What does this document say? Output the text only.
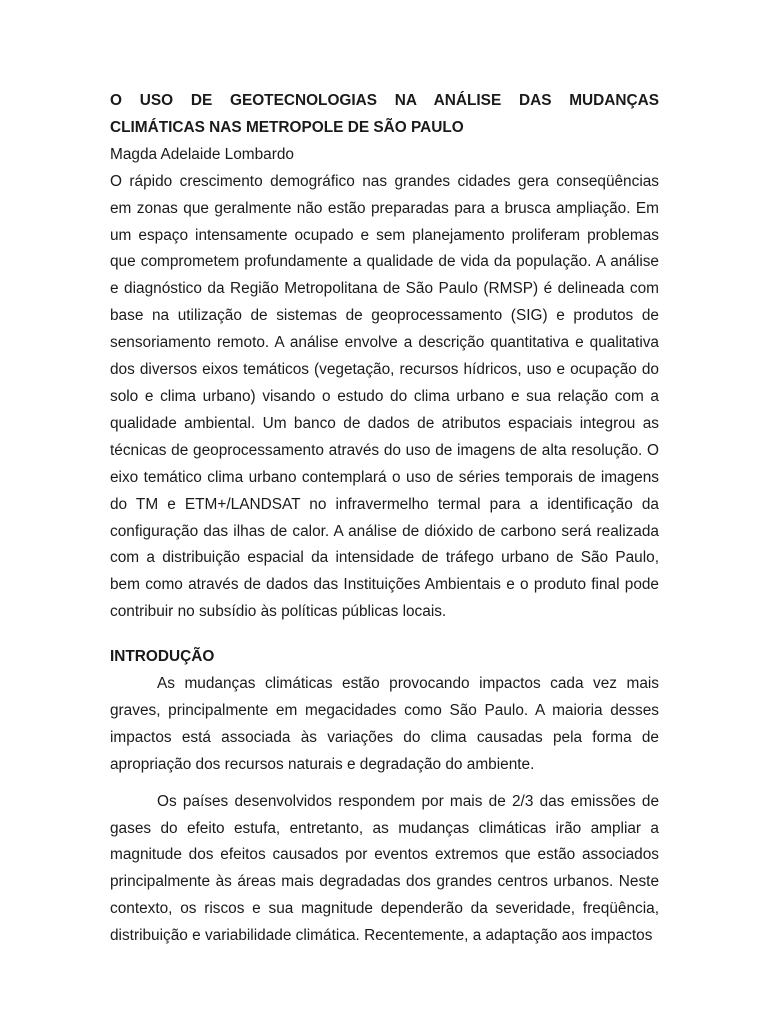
O USO DE GEOTECNOLOGIAS NA ANÁLISE DAS MUDANÇAS
CLIMÁTICAS NAS METROPOLE DE SÃO PAULO

Magda Adelaide Lombardo

O rápido crescimento demográfico nas grandes cidades gera conseqüências em zonas que geralmente não estão preparadas para a brusca ampliação. Em um espaço intensamente ocupado e sem planejamento proliferam problemas que comprometem profundamente a qualidade de vida da população. A análise e diagnóstico da Região Metropolitana de São Paulo (RMSP) é delineada com base na utilização de sistemas de geoprocessamento (SIG) e produtos de sensoriamento remoto. A análise envolve a descrição quantitativa e qualitativa dos diversos eixos temáticos (vegetação, recursos hídricos, uso e ocupação do solo e clima urbano) visando o estudo do clima urbano e sua relação com a qualidade ambiental. Um banco de dados de atributos espaciais integrou as técnicas de geoprocessamento através do uso de imagens de alta resolução. O eixo temático clima urbano contemplará o uso de séries temporais de imagens do TM e ETM+/LANDSAT no infravermelho termal para a identificação da configuração das ilhas de calor. A análise de dióxido de carbono será realizada com a distribuição espacial da intensidade de tráfego urbano de São Paulo, bem como através de dados das Instituições Ambientais e o produto final pode contribuir no subsídio às políticas públicas locais.

INTRODUÇÃO

As mudanças climáticas estão provocando impactos cada vez mais graves, principalmente em megacidades como São Paulo. A maioria desses impactos está associada às variações do clima causadas pela forma de apropriação dos recursos naturais e degradação do ambiente.

Os países desenvolvidos respondem por mais de 2/3 das emissões de gases do efeito estufa, entretanto, as mudanças climáticas irão ampliar a magnitude dos efeitos causados por eventos extremos que estão associados principalmente às áreas mais degradadas dos grandes centros urbanos. Neste contexto, os riscos e sua magnitude dependerão da severidade, freqüência, distribuição e variabilidade climática. Recentemente, a adaptação aos impactos
